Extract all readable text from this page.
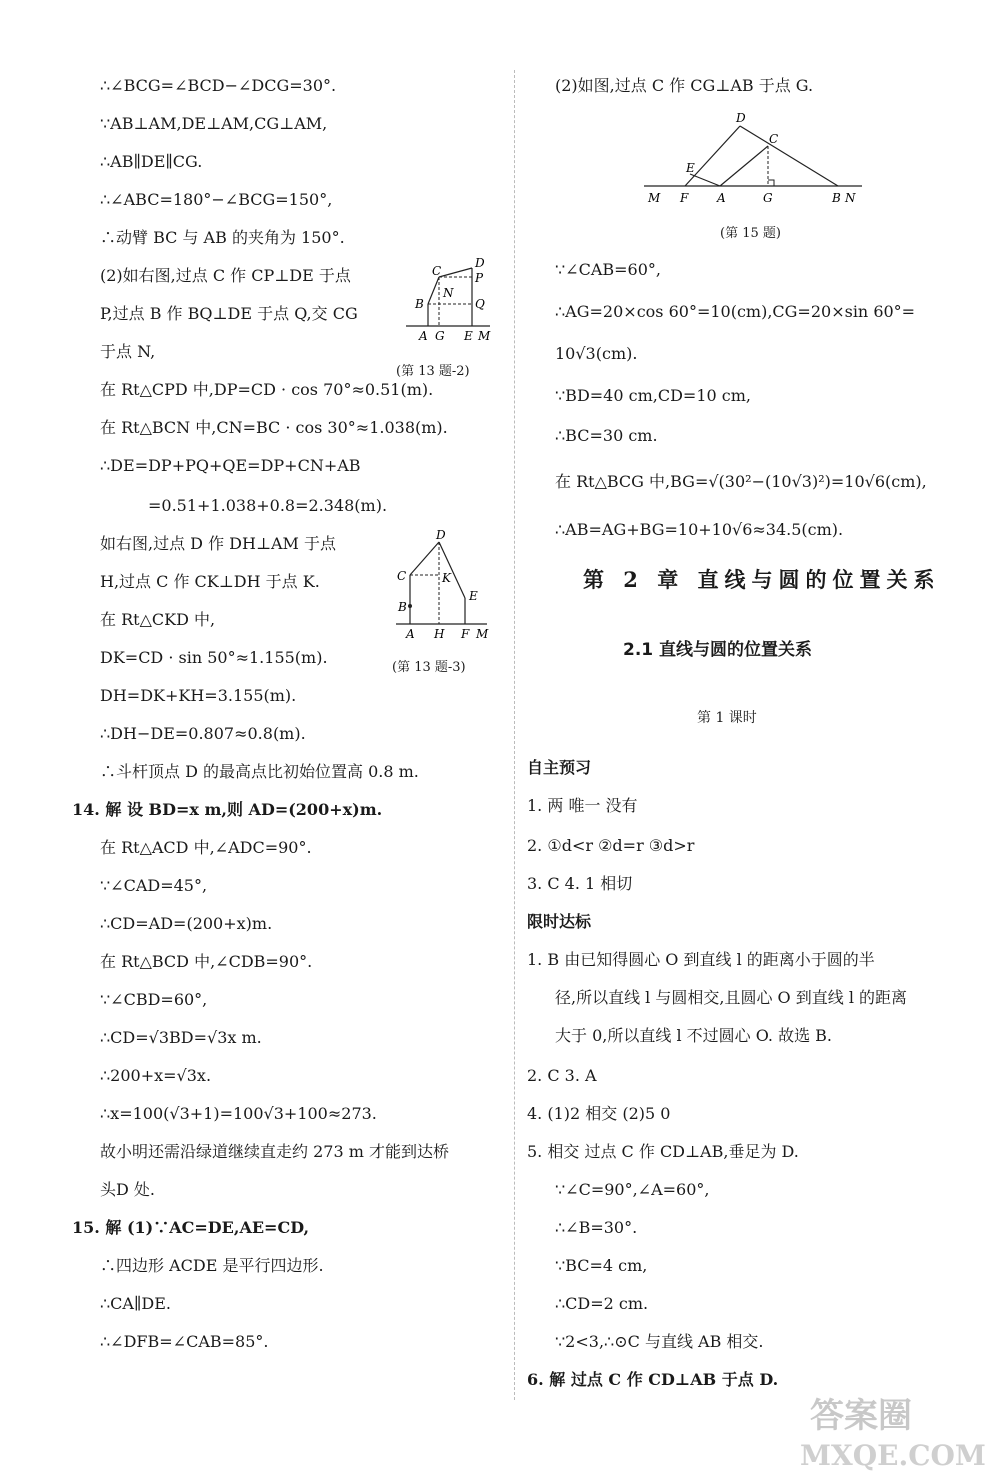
∴∠BCG=∠BCD−∠DCG=30°.
∵AB⊥AM,DE⊥AM,CG⊥AM,
∴AB∥DE∥CG.
∴∠ABC=180°−∠BCG=150°,
∴动臂 BC 与 AB 的夹角为 150°.
(2)如右图,过点 C 作 CP⊥DE 于点
P,过点 B 作 BQ⊥DE 于点 Q,交 CG
于点 N,
C
D
P
N
B	Q
A G E M
(第 13 题-2)
在 Rt△CPD 中,DP=CD · cos 70°≈0.51(m).
在 Rt△BCN 中,CN=BC · cos 30°≈1.038(m).
∴DE=DP+PQ+QE=DP+CN+AB
=0.51+1.038+0.8=2.348(m).
如右图,过点 D 作 DH⊥AM 于点
H,过点 C 作 CK⊥DH 于点 K.
在 Rt△CKD 中,
DK=CD · sin 50°≈1.155(m).
D
C	K
B
E
A H F M
(第 13 题-3)
DH=DK+KH=3.155(m).
∴DH−DE=0.807≈0.8(m).
∴斗杆顶点 D 的最高点比初始位置高 0.8 m.
14. 解 设 BD=x m,则 AD=(200+x)m.
在 Rt△ACD 中,∠ADC=90°.
∵∠CAD=45°,
∴CD=AD=(200+x)m.
在 Rt△BCD 中,∠CDB=90°.
∵∠CBD=60°,
∴CD=√3BD=√3x m.
∴200+x=√3x.
∴x=100(√3+1)=100√3+100≈273.
故小明还需沿绿道继续直走约 273 m 才能到达桥
头D 处.
15. 解 (1)∵AC=DE,AE=CD,
∴四边形 ACDE 是平行四边形.
∴CA∥DE.
∴∠DFB=∠CAB=85°.
(2)如图,过点 C 作 CG⊥AB 于点 G.
D
C
E
M F A	G	B N
(第 15 题)
∵∠CAB=60°,
∴AG=20×cos 60°=10(cm),CG=20×sin 60°=
10√3(cm).
∵BD=40 cm,CD=10 cm,
∴BC=30 cm.
在 Rt△BCG 中,BG=√(30²−(10√3)²)=10√6(cm),
∴AB=AG+BG=10+10√6≈34.5(cm).
第 2 章 直线与圆的位置关系
2.1 直线与圆的位置关系
第 1 课时
自主预习
1. 两 唯一 没有
2. ①d<r ②d=r ③d>r
3. C 4. 1 相切
限时达标
1. B 由已知得圆心 O 到直线 l 的距离小于圆的半
径,所以直线 l 与圆相交,且圆心 O 到直线 l 的距离
大于 0,所以直线 l 不过圆心 O. 故选 B.
2. C 3. A
4. (1)2 相交 (2)5 0
5. 相交 过点 C 作 CD⊥AB,垂足为 D.
∵∠C=90°,∠A=60°,
∴∠B=30°.
∵BC=4 cm,
∴CD=2 cm.
∵2<3,∴⊙C 与直线 AB 相交.
6. 解 过点 C 作 CD⊥AB 于点 D.
答案圈
MXQE.COM
